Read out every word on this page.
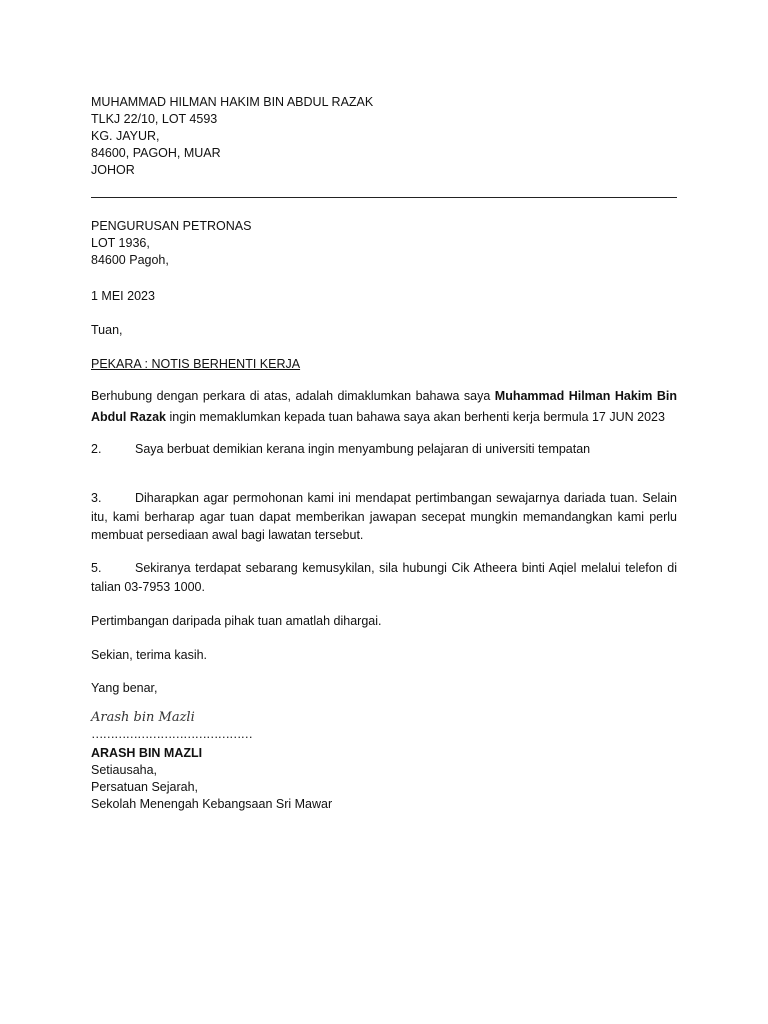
MUHAMMAD HILMAN HAKIM BIN ABDUL RAZAK
TLKJ 22/10, LOT 4593
KG. JAYUR,
84600, PAGOH, MUAR
JOHOR
PENGURUSAN PETRONAS
LOT 1936,
84600 Pagoh,
1 MEI 2023
Tuan,
PEKARA : NOTIS BERHENTI KERJA
Berhubung dengan perkara di atas, adalah dimaklumkan bahawa saya Muhammad Hilman Hakim Bin
Abdul Razak ingin memaklumkan kepada tuan bahawa saya akan berhenti kerja bermula 17 JUN 2023
2.	Saya berbuat demikian kerana ingin menyambung pelajaran di universiti tempatan
3.	Diharapkan agar permohonan kami ini mendapat pertimbangan sewajarnya dariada tuan. Selain
itu, kami berharap agar tuan dapat memberikan jawapan secepat mungkin memandangkan kami perlu
membuat persediaan awal bagi lawatan tersebut.
5.	Sekiranya terdapat sebarang kemusykilan, sila hubungi Cik Atheera binti Aqiel melalui telefon di
talian 03-7953 1000.
Pertimbangan daripada pihak tuan amatlah dihargai.
Sekian, terima kasih.
Yang benar,
Arash bin Mazli
……………………………………
ARASH BIN MAZLI
Setiausaha,
Persatuan Sejarah,
Sekolah Menengah Kebangsaan Sri Mawar
